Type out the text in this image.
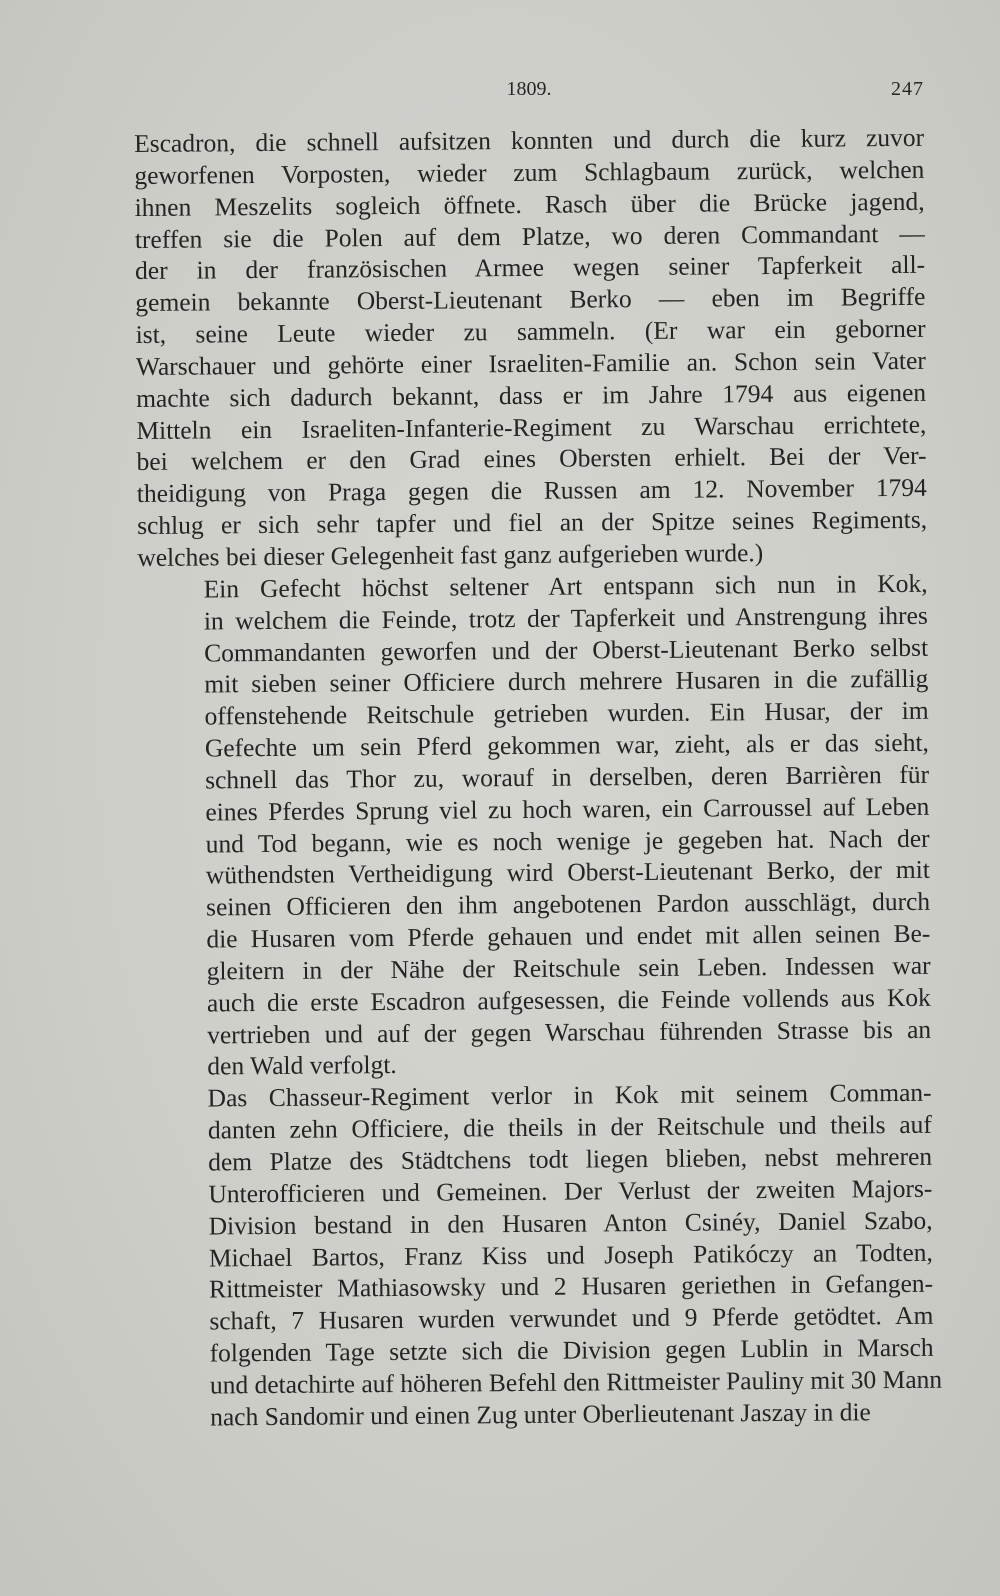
1809.	247
Escadron, die schnell aufsitzen konnten und durch die kurz zuvor
geworfenen Vorposten, wieder zum Schlagbaum zurück, welchen
ihnen Meszelits sogleich öffnete. Rasch über die Brücke jagend,
treffen sie die Polen auf dem Platze, wo deren Commandant —
der in der französischen Armee wegen seiner Tapferkeit all-
gemein bekannte Oberst-Lieutenant Berko — eben im Begriffe
ist, seine Leute wieder zu sammeln. (Er war ein geborner
Warschauer und gehörte einer Israeliten-Familie an. Schon sein Vater
machte sich dadurch bekannt, dass er im Jahre 1794 aus eigenen
Mitteln ein Israeliten-Infanterie-Regiment zu Warschau errichtete,
bei welchem er den Grad eines Obersten erhielt. Bei der Ver-
theidigung von Praga gegen die Russen am 12. November 1794
schlug er sich sehr tapfer und fiel an der Spitze seines Regiments,
welches bei dieser Gelegenheit fast ganz aufgerieben wurde.)
Ein Gefecht höchst seltener Art entspann sich nun in Kok,
in welchem die Feinde, trotz der Tapferkeit und Anstrengung ihres
Commandanten geworfen und der Oberst-Lieutenant Berko selbst
mit sieben seiner Officiere durch mehrere Husaren in die zufällig
offenstehende Reitschule getrieben wurden. Ein Husar, der im
Gefechte um sein Pferd gekommen war, zieht, als er das sieht,
schnell das Thor zu, worauf in derselben, deren Barrièren für
eines Pferdes Sprung viel zu hoch waren, ein Carroussel auf Leben
und Tod begann, wie es noch wenige je gegeben hat. Nach der
wüthendsten Vertheidigung wird Oberst-Lieutenant Berko, der mit
seinen Officieren den ihm angebotenen Pardon ausschlägt, durch
die Husaren vom Pferde gehauen und endet mit allen seinen Be-
gleitern in der Nähe der Reitschule sein Leben. Indessen war
auch die erste Escadron aufgesessen, die Feinde vollends aus Kok
vertrieben und auf der gegen Warschau führenden Strasse bis an
den Wald verfolgt.
Das Chasseur-Regiment verlor in Kok mit seinem Comman-
danten zehn Officiere, die theils in der Reitschule und theils auf
dem Platze des Städtchens todt liegen blieben, nebst mehreren
Unterofficieren und Gemeinen. Der Verlust der zweiten Majors-
Division bestand in den Husaren Anton Csinéy, Daniel Szabo,
Michael Bartos, Franz Kiss und Joseph Patikóczy an Todten,
Rittmeister Mathiasowsky und 2 Husaren geriethen in Gefangen-
schaft, 7 Husaren wurden verwundet und 9 Pferde getödtet. Am
folgenden Tage setzte sich die Division gegen Lublin in Marsch
und detachirte auf höheren Befehl den Rittmeister Pauliny mit 30 Mann
nach Sandomir und einen Zug unter Oberlieutenant Jaszay in die
